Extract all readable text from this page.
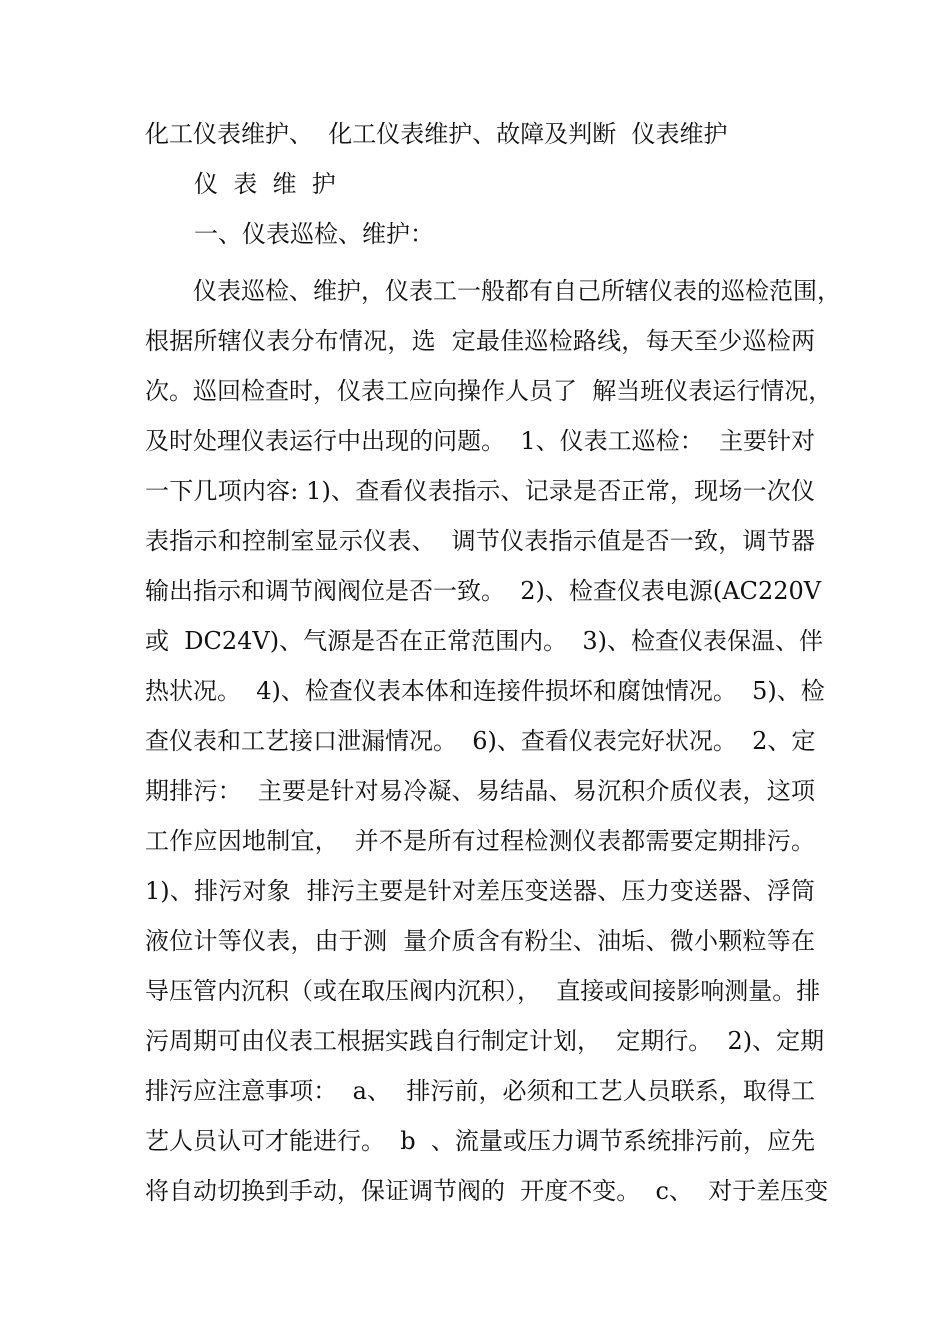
化工仪表维护、  化工仪表维护、故障及判断  仪表维护
仪  表  维  护
一、仪表巡检、维护：
仪表巡检、维护，仪表工一般都有自己所辖仪表的巡检范围，
根据所辖仪表分布情况，选  定最佳巡检路线，每天至少巡检两
次。巡回检查时，仪表工应向操作人员了  解当班仪表运行情况，
及时处理仪表运行中出现的问题。  1、仪表工巡检：  主要针对
一下几项内容: 1)、查看仪表指示、记录是否正常，现场一次仪
表指示和控制室显示仪表、  调节仪表指示值是否一致，调节器
输出指示和调节阀阀位是否一致。  2)、检查仪表电源(AC220V
或  DC24V)、气源是否在正常范围内。  3)、检查仪表保温、伴
热状况。  4)、检查仪表本体和连接件损坏和腐蚀情况。  5)、检
查仪表和工艺接口泄漏情况。  6)、查看仪表完好状况。  2、定
期排污：  主要是针对易冷凝、易结晶、易沉积介质仪表，这项
工作应因地制宜，  并不是所有过程检测仪表都需要定期排污。
1)、排污对象  排污主要是针对差压变送器、压力变送器、浮筒
液位计等仪表，由于测  量介质含有粉尘、油垢、微小颗粒等在
导压管内沉积（或在取压阀内沉积），  直接或间接影响测量。排
污周期可由仪表工根据实践自行制定计划，  定期行。  2)、定期
排污应注意事项：  a、  排污前，必须和工艺人员联系，取得工
艺人员认可才能进行。  b  、流量或压力调节系统排污前，应先
将自动切换到手动，保证调节阀的  开度不变。  c、  对于差压变
